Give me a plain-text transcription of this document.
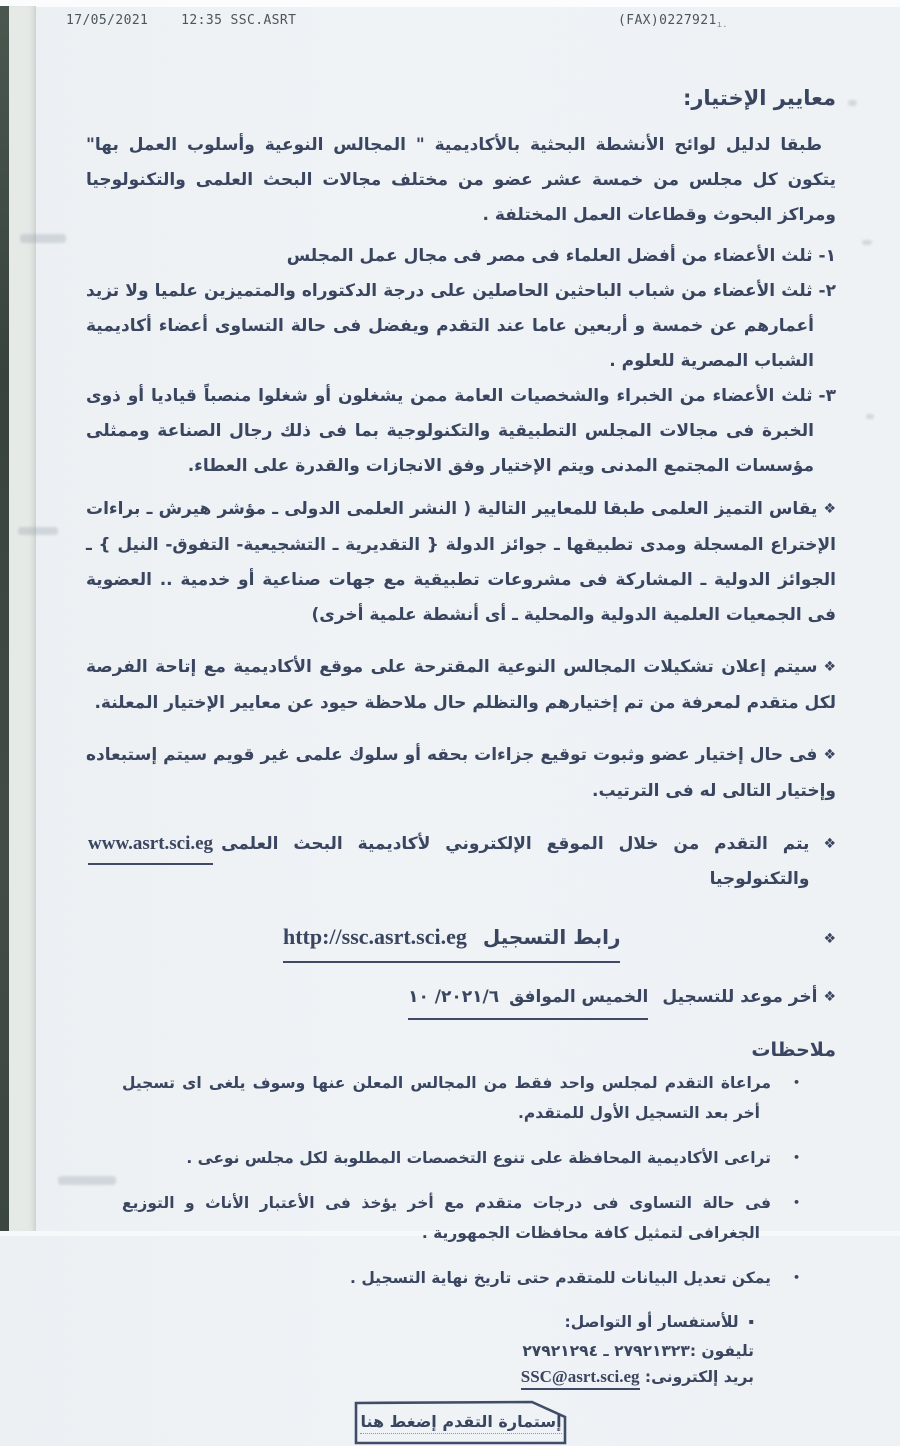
17/05/2021    12:35 SSC.ASRT	$(FAX)0227921_{ı.}$
معايير الإختيار:

طبقا لدليل لوائح الأنشطة البحثية بالأكاديمية " المجالس النوعية وأسلوب العمل بها" يتكون كل مجلس من خمسة عشر عضو من مختلف مجالات البحث العلمى والتكنولوجيا ومراكز البحوث وقطاعات العمل المختلفة .

١-ثلث الأعضاء من أفضل العلماء فى مصر فى مجال عمل المجلس

٢-ثلث الأعضاء من شباب الباحثين الحاصلين على درجة الدكتوراه والمتميزين علميا ولا تزيد أعمارهم عن خمسة و أربعين عاما عند التقدم ويفضل فى حالة التساوى أعضاء أكاديمية الشباب المصرية للعلوم .

٣-ثلث الأعضاء من الخبراء والشخصيات العامة ممن يشغلون أو شغلوا منصباً قياديا أو ذوى الخبرة فى مجالات المجلس التطبيقية والتكنولوجية بما فى ذلك رجال الصناعة وممثلى مؤسسات المجتمع المدنى ويتم الإختيار وفق الانجازات والقدرة على العطاء.

❖يقاس التميز العلمى طبقا للمعايير التالية ( النشر العلمى الدولى ـ مؤشر هيرش ـ براءات الإختراع المسجلة ومدى تطبيقها ـ جوائز الدولة { التقديرية ـ التشجيعية- التفوق- النيل } ـ الجوائز الدولية ـ المشاركة فى مشروعات تطبيقية مع جهات صناعية أو خدمية .. العضوية فى الجمعيات العلمية الدولية والمحلية ـ أى أنشطة علمية أخرى)

❖سيتم إعلان تشكيلات المجالس النوعية المقترحة على موقع الأكاديمية مع إتاحة الفرصة لكل متقدم لمعرفة من تم إختيارهم والتظلم حال ملاحظة حيود عن معايير الإختيار المعلنة.

❖فى حال إختيار عضو وثبوت توقيع جزاءات بحقه أو سلوك علمى غير قويم سيتم إستبعاده وإختيار التالى له فى الترتيب.

❖
يتم التقدم من خلال الموقع الإلكتروني لأكاديمية البحث العلمى والتكنولوجيا
www.asrt.sci.eg

❖
رابط التسجيل
http://ssc.asrt.sci.eg

❖أخر موعد للتسجيل
الخميس الموافق
٢٠٢١/٦/ ١٠

ملاحظات

•مراعاة التقدم لمجلس واحد فقط من المجالس المعلن عنها وسوف يلغى اى تسجيل أخر بعد التسجيل الأول للمتقدم.

•تراعى الأكاديمية المحافظة على تنوع التخصصات المطلوبة لكل مجلس نوعى .

•فى حالة التساوى فى درجات متقدم مع أخر يؤخذ فى الأعتبار الأناث و التوزيع الجغرافى لتمثيل كافة محافظات الجمهورية .

•يمكن تعديل البيانات للمتقدم حتى تاريخ نهاية التسجيل .

▪للأستفسار أو التواصل:
تليفون :٢٧٩٢١٣٢٣ ـ ٢٧٩٢١٢٩٤
بريد إلكترونى: SSC@asrt.sci.eg
إستمارة التقدم إضغط هنا
